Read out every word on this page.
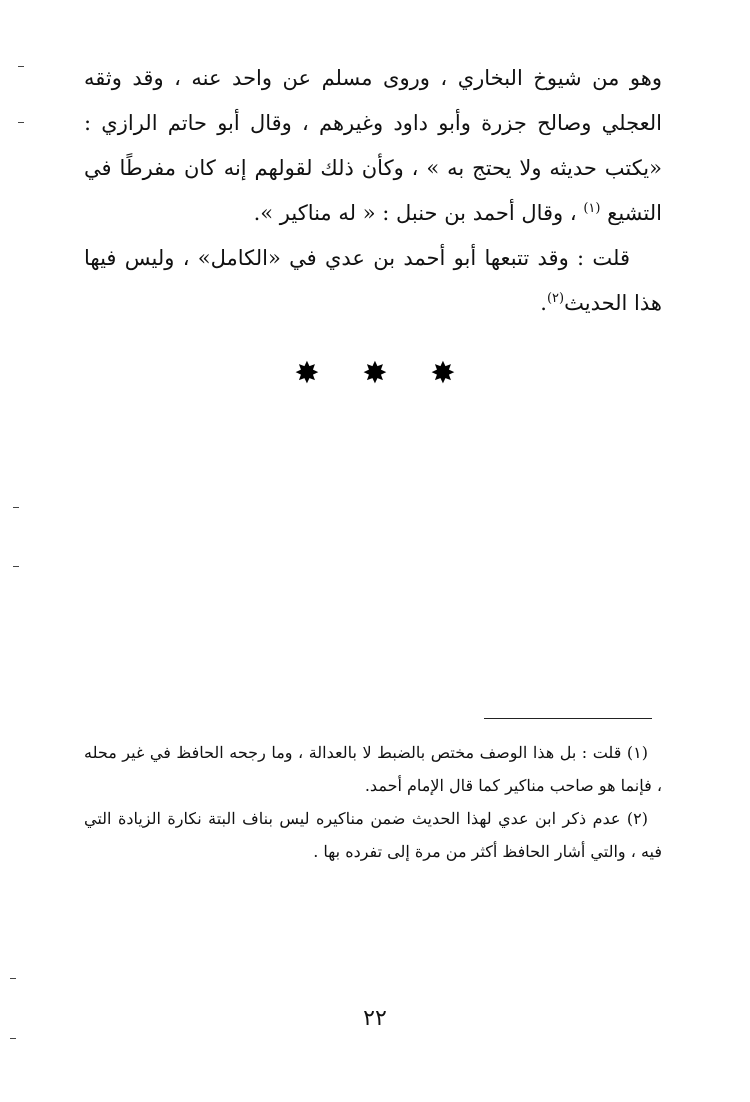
وهو من شيوخ البخاري ، وروى مسلم عن واحد عنه ، وقد وثقه العجلي وصالح جزرة وأبو داود وغيرهم ، وقال أبو حاتم الرازي : «يكتب حديثه ولا يحتج به » ، وكأن ذلك لقولهم إنه كان مفرطًا في التشيع $^{(١)}$ ، وقال أحمد بن حنبل : « له مناكير ».

قلت : وقد تتبعها أبو أحمد بن عدي في «الكامل» ، وليس فيها هذا الحديث$^{(٢)}$.

✸ ✸ ✸

(١) قلت : بل هذا الوصف مختص بالضبط لا بالعدالة ، وما رجحه الحافظ في غير محله ، فإنما هو صاحب مناكير كما قال الإمام أحمد.

(٢) عدم ذكر ابن عدي لهذا الحديث ضمن مناكيره ليس بناف البتة نكارة الزيادة التي فيه ، والتي أشار الحافظ أكثر من مرة إلى تفرده بها .

٢٢
